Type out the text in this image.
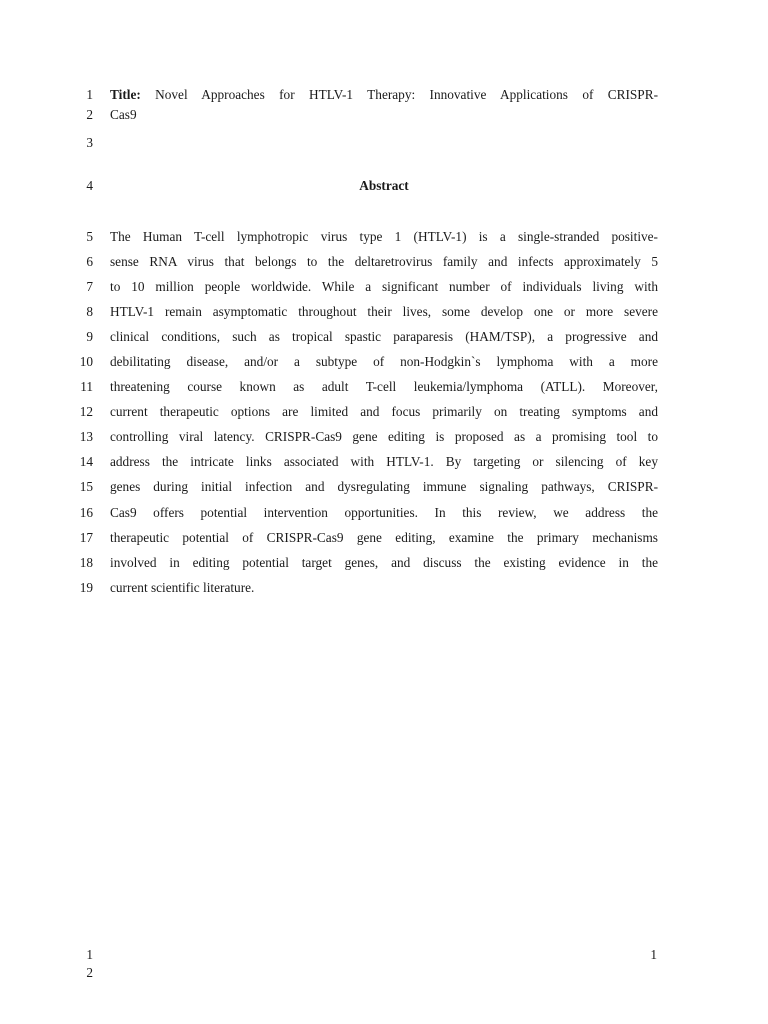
1 Title: Novel Approaches for HTLV-1 Therapy: Innovative Applications of CRISPR-
2 Cas9
3
4	Abstract
5 The Human T-cell lymphotropic virus type 1 (HTLV-1) is a single-stranded positive-
6 sense RNA virus that belongs to the deltaretrovirus family and infects approximately 5
7 to 10 million people worldwide. While a significant number of individuals living with
8 HTLV-1 remain asymptomatic throughout their lives, some develop one or more severe
9 clinical conditions, such as tropical spastic paraparesis (HAM/TSP), a progressive and
10 debilitating disease, and/or a subtype of non-Hodgkin`s lymphoma with a more
11 threatening course known as adult T-cell leukemia/lymphoma (ATLL). Moreover,
12 current therapeutic options are limited and focus primarily on treating symptoms and
13 controlling viral latency. CRISPR-Cas9 gene editing is proposed as a promising tool to
14 address the intricate links associated with HTLV-1. By targeting or silencing of key
15 genes during initial infection and dysregulating immune signaling pathways, CRISPR-
16 Cas9 offers potential intervention opportunities. In this review, we address the
17 therapeutic potential of CRISPR-Cas9 gene editing, examine the primary mechanisms
18 involved in editing potential target genes, and discuss the existing evidence in the
19 current scientific literature.
1
2
1
